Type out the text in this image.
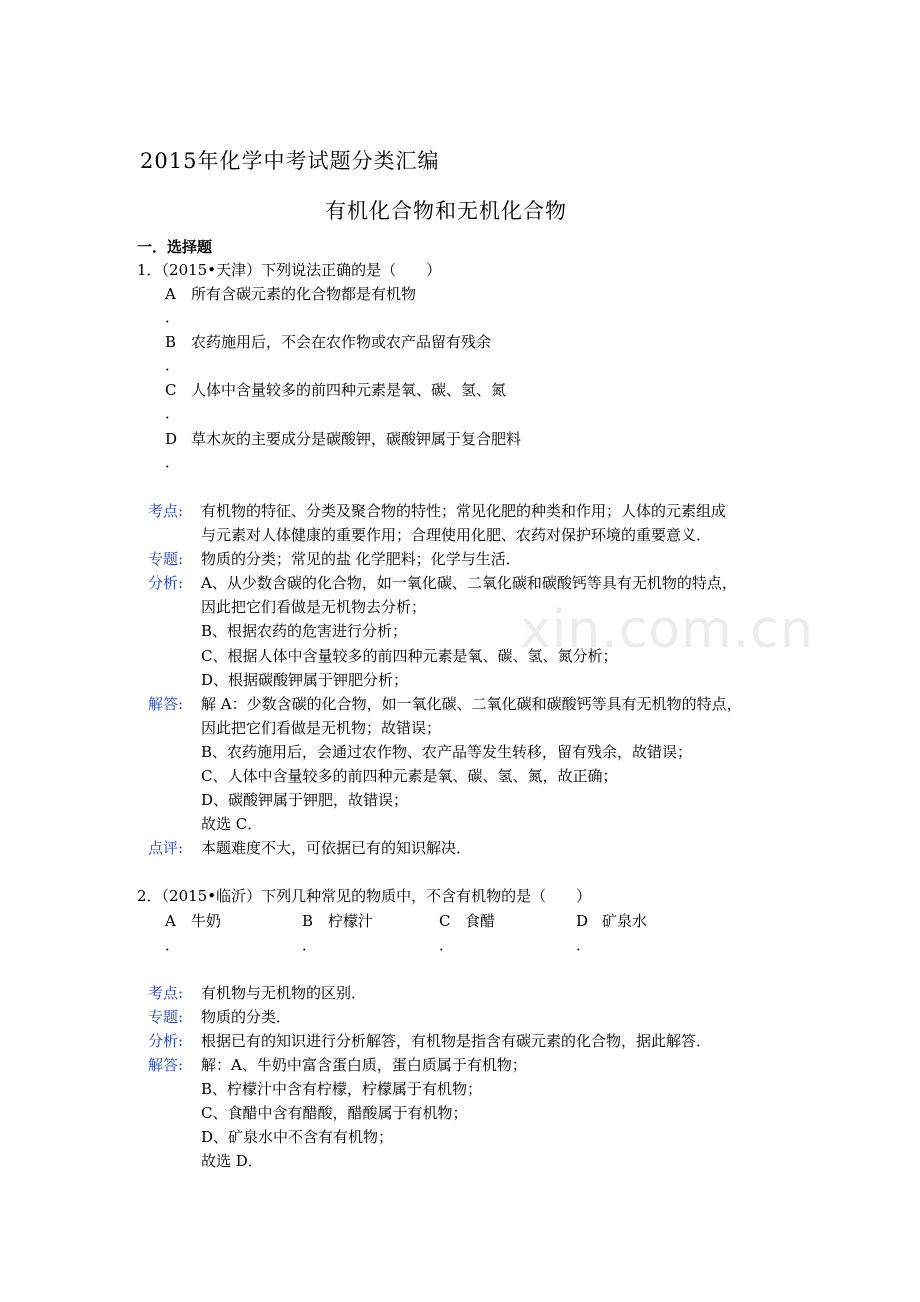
xin.com.cn
2015年化学中考试题分类汇编
有机化合物和无机化合物
一．选择题
1．（2015•天津）下列说法正确的是（　　）
A 所有含碳元素的化合物都是有机物
．
B 农药施用后，不会在农作物或农产品留有残余
．
C 人体中含量较多的前四种元素是氧、碳、氢、氮
．
D 草木灰的主要成分是碳酸钾，碳酸钾属于复合肥料
．
考点: 有机物的特征、分类及聚合物的特性；常见化肥的种类和作用；人体的元素组成
与元素对人体健康的重要作用；合理使用化肥、农药对保护环境的重要意义．
专题: 物质的分类；常见的盐 化学肥料；化学与生活．
分析: A、从少数含碳的化合物，如一氧化碳、二氧化碳和碳酸钙等具有无机物的特点，
因此把它们看做是无机物去分析；
B、根据农药的危害进行分析；
C、根据人体中含量较多的前四种元素是氧、碳、氢、氮分析；
D、根据碳酸钾属于钾肥分析；
解答: 解 A：少数含碳的化合物，如一氧化碳、二氧化碳和碳酸钙等具有无机物的特点，
因此把它们看做是无机物；故错误；
B、农药施用后，会通过农作物、农产品等发生转移，留有残余，故错误；
C、人体中含量较多的前四种元素是氧、碳、氢、氮，故正确；
D、碳酸钾属于钾肥，故错误；
故选 C．
点评: 本题难度不大，可依据已有的知识解决．
2．（2015•临沂）下列几种常见的物质中，不含有机物的是（　　）
A 牛奶
．
B 柠檬汁
．
C 食醋
．
D 矿泉水
．
考点: 有机物与无机物的区别．
专题: 物质的分类．
分析: 根据已有的知识进行分析解答，有机物是指含有碳元素的化合物，据此解答．
解答: 解：A、牛奶中富含蛋白质，蛋白质属于有机物；
B、柠檬汁中含有柠檬，柠檬属于有机物；
C、食醋中含有醋酸，醋酸属于有机物；
D、矿泉水中不含有有机物；
故选 D．
